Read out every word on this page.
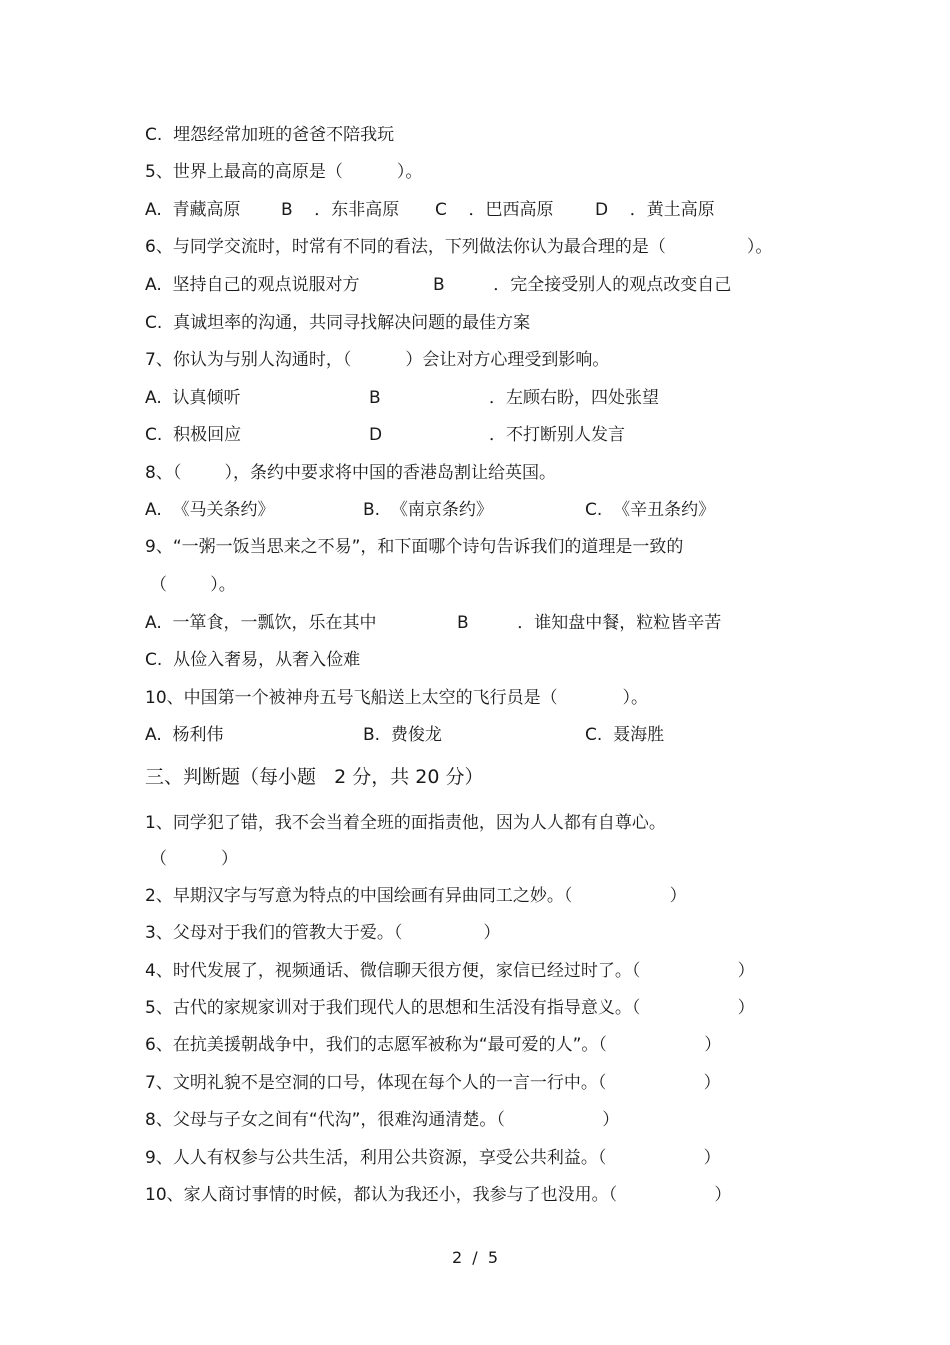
C.  埋怨经常加班的爸爸不陪我玩
5、世界上最高的高原是（          ）。

A.  青藏高原

B    ．东非高原

C    ．巴西高原

D    ．黄土高原

6、与同学交流时，时常有不同的看法，下列做法你认为最合理的是（               ）。

A.  坚持自己的观点说服对方

	B         ．完全接受别人的观点改变自己

C.  真诚坦率的沟通，共同寻找解决问题的最佳方案
7、你认为与别人沟通时，（          ）会让对方心理受到影响。

A.  认真倾听

	B

	．左顾右盼，四处张望

C.  积极回应

	D

	．不打断别人发言

8、（        ），条约中要求将中国的香港岛割让给英国。

A.  《马关条约》

	B.  《南京条约》

	C.  《辛丑条约》

9、“一粥一饭当思来之不易”，和下面哪个诗句告诉我们的道理是一致的
（        ）。

A.  一箪食，一瓢饮，乐在其中

	B         ．谁知盘中餐，粒粒皆辛苦

C.  从俭入奢易，从奢入俭难
10、中国第一个被神舟五号飞船送上太空的飞行员是（            ）。

A.  杨利伟

	B.  费俊龙

	C.  聂海胜

三、判断题（每小题   2 分，共 20 分）
1、同学犯了错，我不会当着全班的面指责他，因为人人都有自尊心。
（          ）
2、早期汉字与写意为特点的中国绘画有异曲同工之妙。（                  ）
3、父母对于我们的管教大于爱。（               ）
4、时代发展了，视频通话、微信聊天很方便，家信已经过时了。（                  ）
5、古代的家规家训对于我们现代人的思想和生活没有指导意义。（                  ）
6、在抗美援朝战争中，我们的志愿军被称为“最可爱的人”。（                  ）
7、文明礼貌不是空洞的口号，体现在每个人的一言一行中。（                  ）
8、父母与子女之间有“代沟”，很难沟通清楚。（                  ）
9、人人有权参与公共生活，利用公共资源，享受公共利益。（                  ）
10、家人商讨事情的时候，都认为我还小，我参与了也没用。（                  ）
2  /  5
